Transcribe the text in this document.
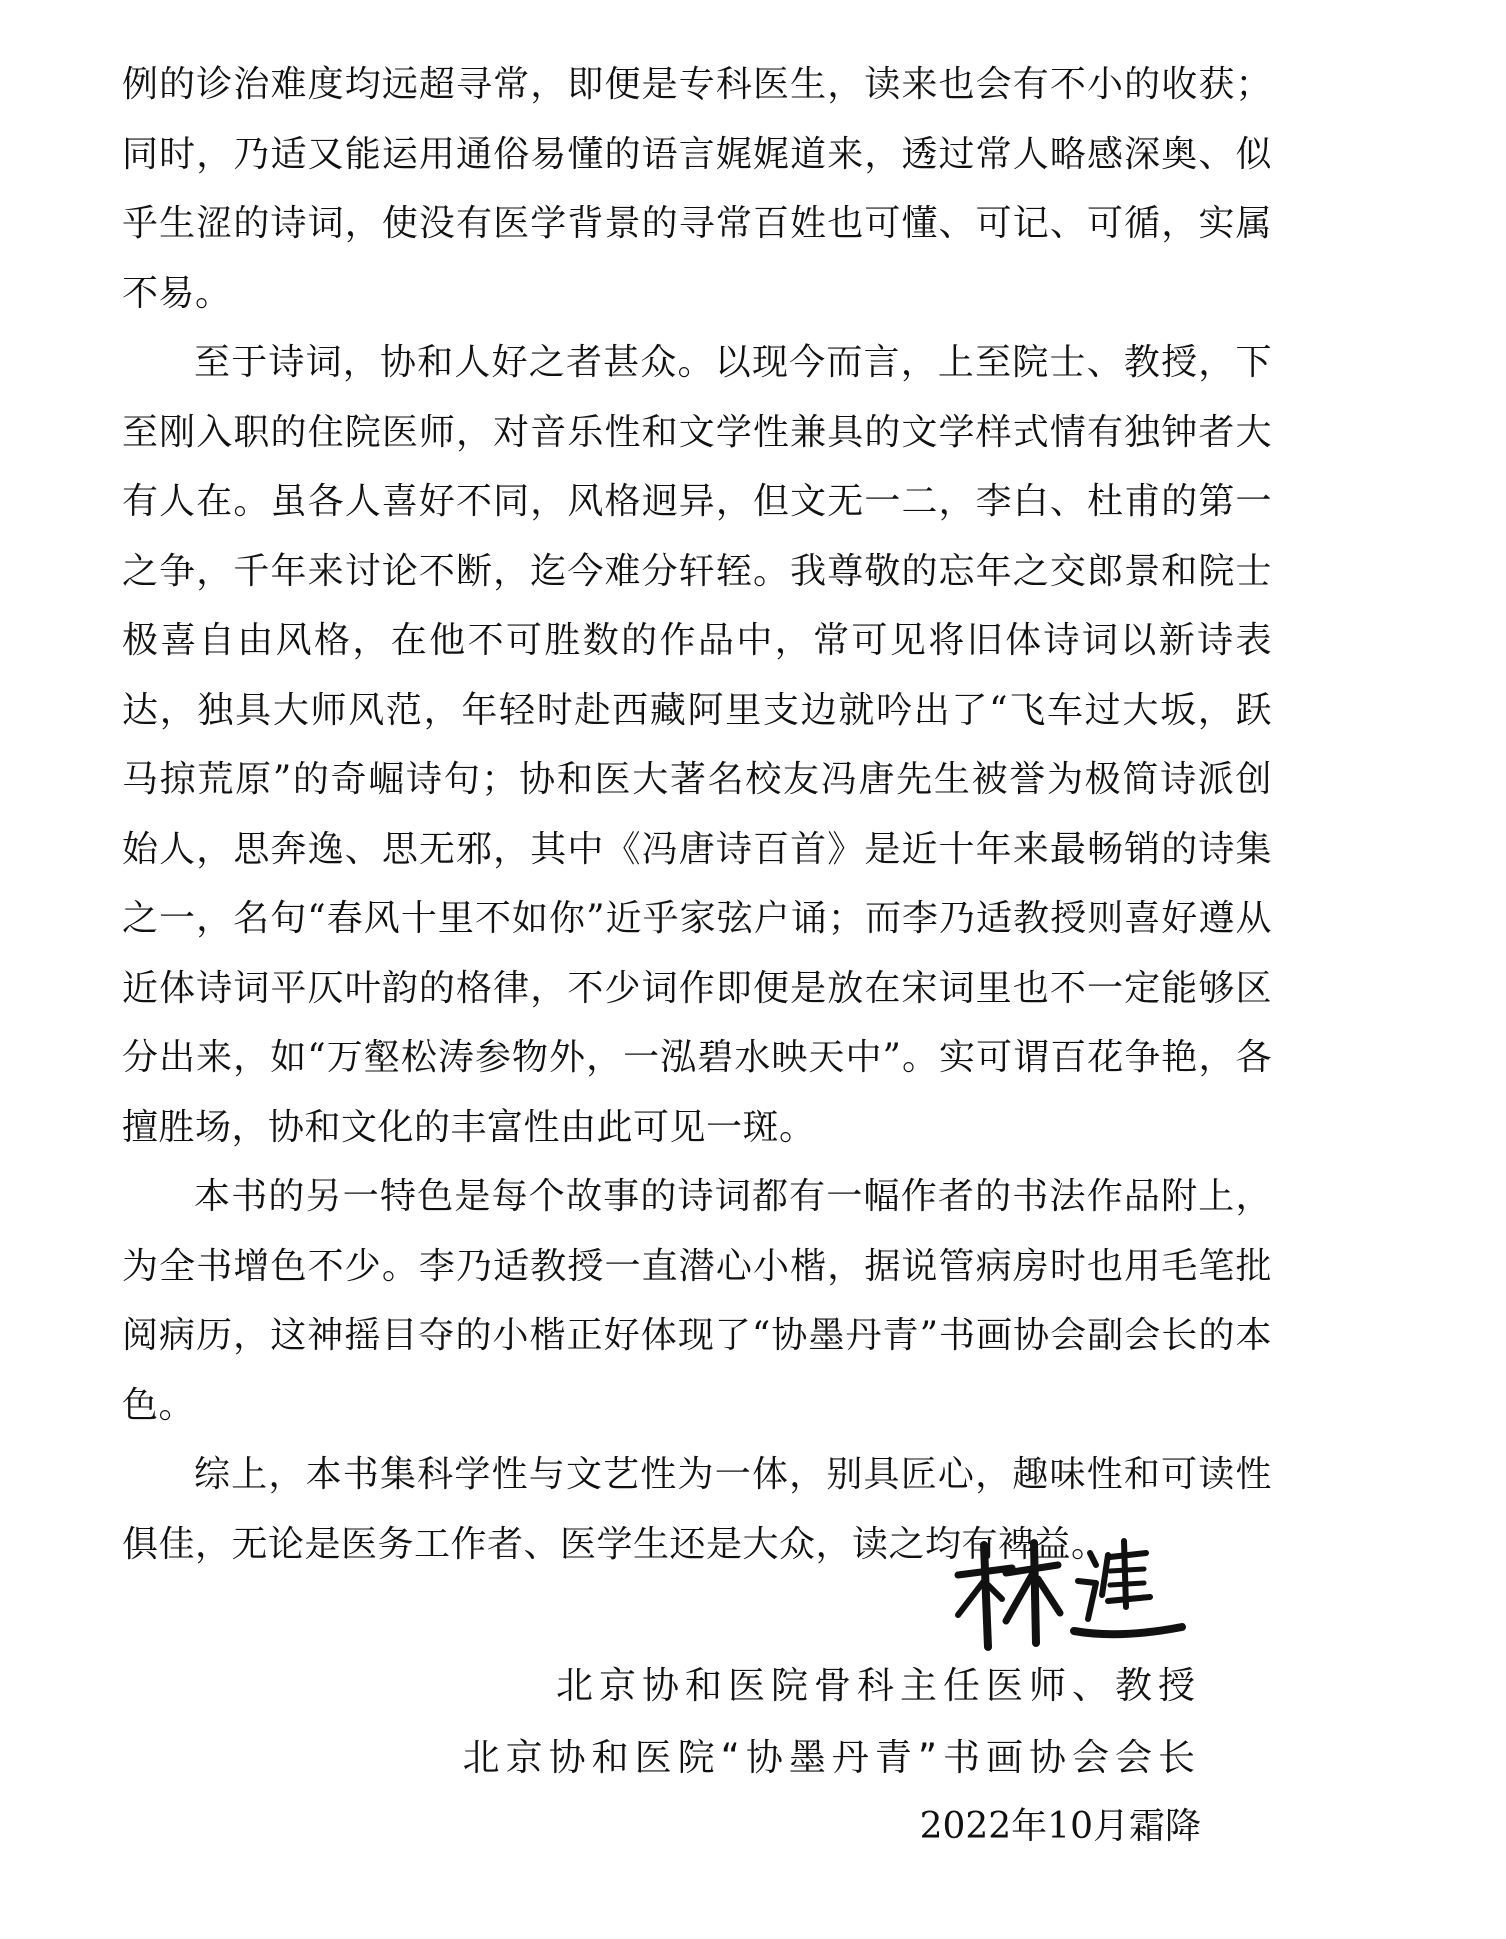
例的诊治难度均远超寻常，即便是专科医生，读来也会有不小的收获；同时，乃适又能运用通俗易懂的语言娓娓道来，透过常人略感深奥、似乎生涩的诗词，使没有医学背景的寻常百姓也可懂、可记、可循，实属不易。

至于诗词，协和人好之者甚众。以现今而言，上至院士、教授，下至刚入职的住院医师，对音乐性和文学性兼具的文学样式情有独钟者大有人在。虽各人喜好不同，风格迥异，但文无一二，李白、杜甫的第一之争，千年来讨论不断，迄今难分轩轾。我尊敬的忘年之交郎景和院士极喜自由风格，在他不可胜数的作品中，常可见将旧体诗词以新诗表达，独具大师风范，年轻时赴西藏阿里支边就吟出了“飞车过大坂，跃马掠荒原”的奇崛诗句；协和医大著名校友冯唐先生被誉为极简诗派创始人，思奔逸、思无邪，其中《冯唐诗百首》是近十年来最畅销的诗集之一，名句“春风十里不如你”近乎家弦户诵；而李乃适教授则喜好遵从近体诗词平仄叶韵的格律，不少词作即便是放在宋词里也不一定能够区分出来，如“万壑松涛参物外，一泓碧水映天中”。实可谓百花争艳，各擅胜场，协和文化的丰富性由此可见一斑。

本书的另一特色是每个故事的诗词都有一幅作者的书法作品附上，为全书增色不少。李乃适教授一直潜心小楷，据说管病房时也用毛笔批阅病历，这神摇目夺的小楷正好体现了“协墨丹青”书画协会副会长的本色。

综上，本书集科学性与文艺性为一体，别具匠心，趣味性和可读性俱佳，无论是医务工作者、医学生还是大众，读之均有裨益。

北京协和医院骨科主任医师、教授
北京协和医院“协墨丹青”书画协会会长
2022年10月霜降
